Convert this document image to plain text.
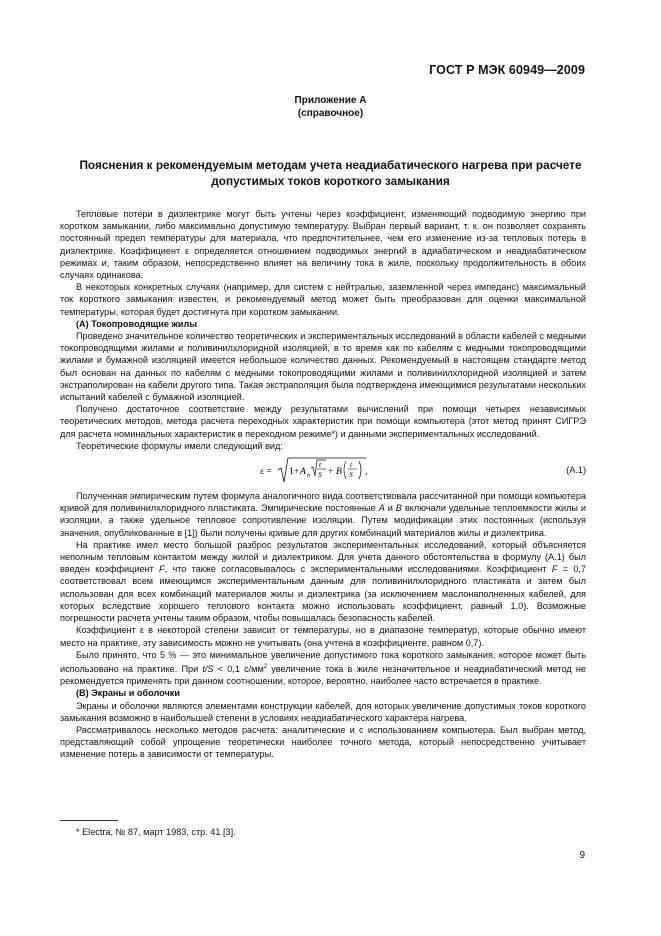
ГОСТ Р МЭК 60949—2009
Приложение А
(справочное)
Пояснения к рекомендуемым методам учета неадиабатического нагрева при расчете
допустимых токов короткого замыкания

Тепловые потери в диэлектрике могут быть учтены через коэффициент, изменяющий подводимую энергию при коротком замыкании, либо максимально допустимую температуру. Выбран первый вариант, т. к. он позволяет сохранять постоянный предел температуры для материала, что предпочтительнее, чем его изменение из-за тепловых потерь в диэлектрике. Коэффициент ε определяется отношением подводимых энергий в адиабатическом и неадиабатическом режимах и, таким образом, непосредственно влияет на величину тока в жиле, поскольку продолжительность в обоих случаях одинакова.

В некоторых конкретных случаях (например, для систем с нейтралью, заземленной через импеданс) максимальный ток короткого замыкания известен, и рекомендуемый метод может быть преобразован для оценки максимальной температуры, которая будет достигнута при коротком замыкании.

(А) Токопроводящие жилы

Проведено значительное количество теоретических и экспериментальных исследований в области кабелей с медными токопроводящими жилами и поливинилхлоридной изоляцией, в то время как по кабелям с медными токопроводящими жилами и бумажной изоляцией имеется небольшое количество данных. Рекомендуемый в настоящем стандарте метод был основан на данных по кабелям с медными токопроводящими жилами и поливинилхлоридной изоляцией и затем экстраполирован на кабели другого типа. Такая экстраполяция была подтверждена имеющимися результатами нескольких испытаний кабелей с бумажной изоляцией.

Получено достаточное соответствие между результатами вычислений при помощи четырех независимых теоретических методов, метода расчета переходных характеристик при помощи компьютера (этот метод принят СИГРЭ для расчета номинальных характеристик в переходном режиме*) и данными экспериментальных исследований.

Теоретические формулы имели следующий вид:

ε = 1+ A n
t
S + B
t
S ,	(А.1)

Полученная эмпирическим путем формула аналогичного вида соответствовала рассчитанной при помощи компьютера кривой для поливинилхлоридного пластиката. Эмпирические постоянные A и B включали удельные теплоемкости жилы и изоляции, а также удельное тепловое сопротивление изоляции. Путем модификации этих постоянных (используя значения, опубликованные в [1]) были получены кривые для других комбинаций материалов жилы и диэлектрика.

На практике имел место большой разброс результатов экспериментальных исследований, который объясняется неполным тепловым контактом между жилой и диэлектриком. Для учета данного обстоятельства в формулу (А.1) был введен коэффициент F, что также согласовывалось с экспериментальными исследованиями. Коэффициент F = 0,7 соответствовал всем имеющимся экспериментальным данным для поливинилхлоридного пластиката и затем был использован для всех комбинаций материалов жилы и диэлектрика (за исключением маслонаполненных кабелей, для которых вследствие хорошего теплового контакта можно использовать коэффициент, равный 1,0). Возможные погрешности расчета учтены таким образом, чтобы повышалась безопасность кабелей.

Коэффициент ε в некоторой степени зависит от температуры, но в диапазоне температур, которые обычно имеют место на практике, эту зависимость можно не учитывать (она учтена в коэффициенте, равном 0,7).

Было принято, что 5 % — это минимальное увеличение допустимого тока короткого замыкания, которое может быть использовано на практике. При t/S < 0,1 $с/мм^2$ увеличение тока в жиле незначительное и неадиабатический метод не рекомендуется применять при данном соотношении, которое, вероятно, наиболее часто встречается в практике.

(В) Экраны и оболочки

Экраны и оболочки являются элементами конструкции кабелей, для которых увеличение допустимых токов короткого замыкания возможно в наибольшей степени в условиях неадиабатического характера нагрева.

Рассматривалось несколько методов расчета: аналитические и с использованием компьютера. Был выбран метод, представляющий собой упрощение теоретически наиболее точного метода, который непосредственно учитывает изменение потерь в зависимости от температуры.

* Electra, № 87, март 1983, стр. 41 [3].
9
